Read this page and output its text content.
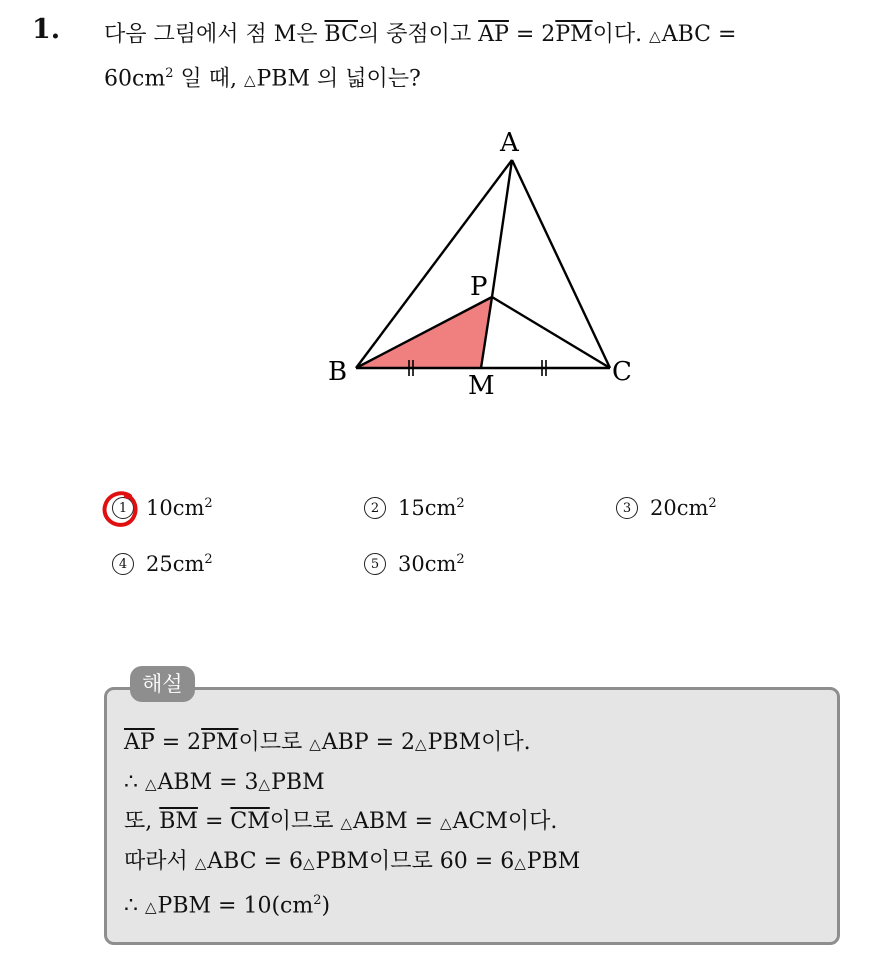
1. 다음 그림에서 점 M은 $\overline{BC}$의 중점이고 $\overline{AP} = 2\overline{PM}$이다. △ABC =
$60cm^2$ 일 때, △PBM 의 넓이는?
A
P
B	C
M
1 $10cm^2$	2 $15cm^2$	3 $20cm^2$
4 $25cm^2$	5 $30cm^2$
해설
$\overline{AP} = 2\overline{PM}$이므로 △ABP = 2△PBM이다.
∴ △ABM = 3△PBM
또, $\overline{BM} = \overline{CM}$이므로 △ABM = △ACM이다.
따라서 △ABC = 6△PBM이므로 60 = 6△PBM
∴ △PBM = $10(cm^2)$
